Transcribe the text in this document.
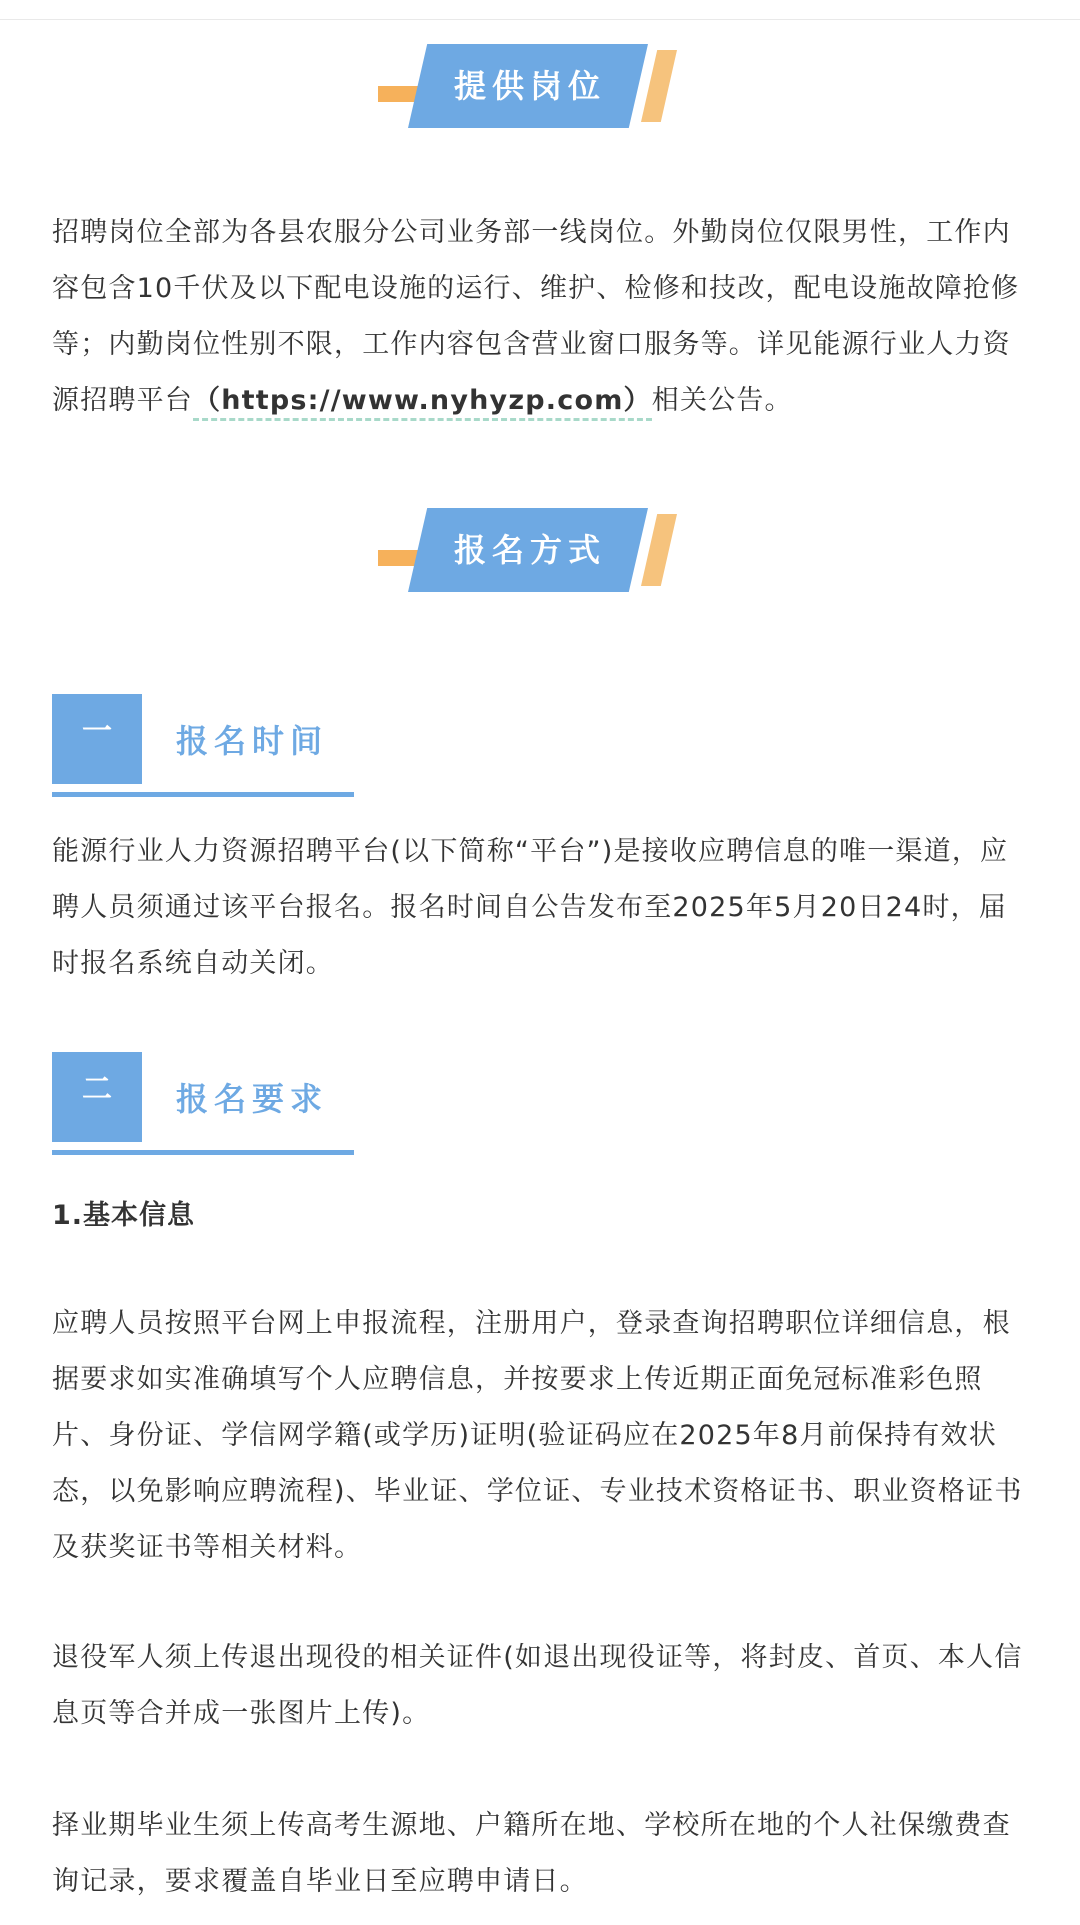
提供岗位

招聘岗位全部为各县农服分公司业务部一线岗位。外勤岗位仅限男性，工作内容包含10千伏及以下配电设施的运行、维护、检修和技改，配电设施故障抢修等；内勤岗位性别不限，工作内容包含营业窗口服务等。详见能源行业人力资源招聘平台（https://www.nyhyzp.com）相关公告。

报名方式
一	报名时间

能源行业人力资源招聘平台(以下简称“平台”)是接收应聘信息的唯一渠道，应聘人员须通过该平台报名。报名时间自公告发布至2025年5月20日24时，届时报名系统自动关闭。

二	报名要求
1.基本信息

应聘人员按照平台网上申报流程，注册用户，登录查询招聘职位详细信息，根据要求如实准确填写个人应聘信息，并按要求上传近期正面免冠标准彩色照片、身份证、学信网学籍(或学历)证明(验证码应在2025年8月前保持有效状态，以免影响应聘流程)、毕业证、学位证、专业技术资格证书、职业资格证书及获奖证书等相关材料。

退役军人须上传退出现役的相关证件(如退出现役证等，将封皮、首页、本人信息页等合并成一张图片上传)。

择业期毕业生须上传高考生源地、户籍所在地、学校所在地的个人社保缴费查询记录，要求覆盖自毕业日至应聘申请日。
